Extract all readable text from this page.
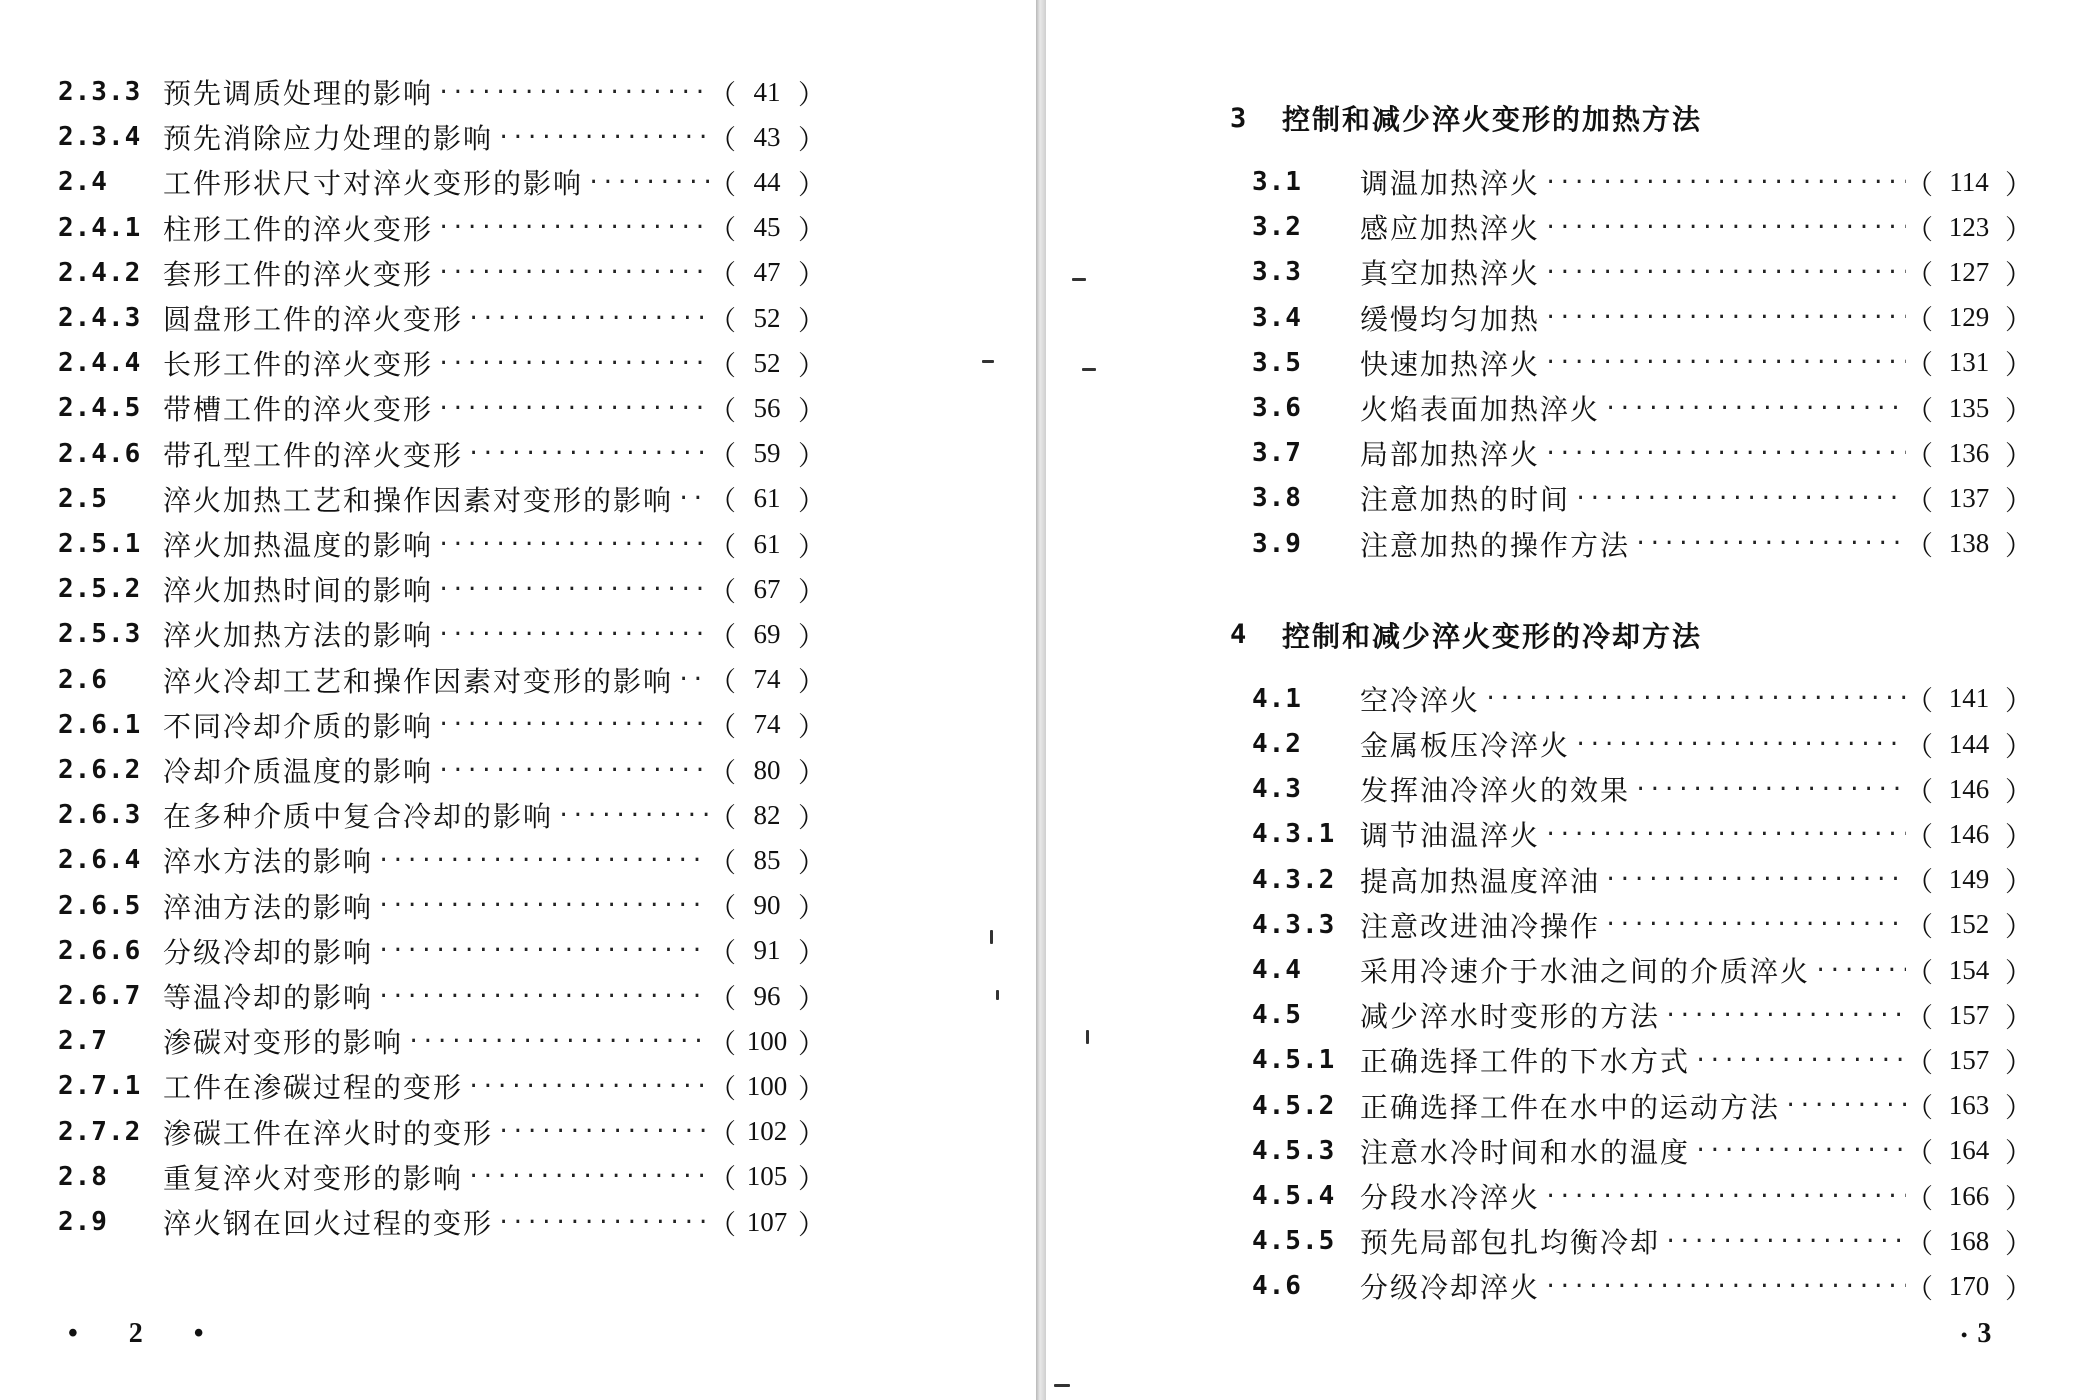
2.3.3 预先调质处理的影响 ·····	（ 41 ）
2.3.4 预先消除应力处理的影响 ·····	（ 43 ）
2.4	工件形状尺寸对淬火变形的影响 ·····	（ 44 ）
2.4.1 柱形工件的淬火变形 ·····	（ 45 ）
2.4.2 套形工件的淬火变形 ·····	（ 47 ）
2.4.3 圆盘形工件的淬火变形 ·····	（ 52 ）
2.4.4 长形工件的淬火变形 ·····	（ 52 ）
2.4.5 带槽工件的淬火变形 ·····	（ 56 ）
2.4.6 带孔型工件的淬火变形 ·····	（ 59 ）
2.5	淬火加热工艺和操作因素对变形的影响 ····· （ 61 ）
2.5.1 淬火加热温度的影响 ·····	（ 61 ）
2.5.2 淬火加热时间的影响 ·····	（ 67 ）
2.5.3 淬火加热方法的影响 ·····	（ 69 ）
2.6	淬火冷却工艺和操作因素对变形的影响 ····· （ 74 ）
2.6.1 不同冷却介质的影响 ·····	（ 74 ）
2.6.2 冷却介质温度的影响 ·····	（ 80 ）
2.6.3 在多种介质中复合冷却的影响 ·····	（ 82 ）
2.6.4 淬水方法的影响 ·····	（ 85 ）
2.6.5 淬油方法的影响 ·····	（ 90 ）
2.6.6 分级冷却的影响 ·····	（ 91 ）
2.6.7 等温冷却的影响 ·····	（ 96 ）
2.7	渗碳对变形的影响 ·····	（ 100 ）
2.7.1 工件在渗碳过程的变形 ·····	（ 100 ）
2.7.2 渗碳工件在淬火时的变形 ·····	（ 102 ）
2.8	重复淬火对变形的影响 ·····	（ 105 ）
2.9	淬火钢在回火过程的变形 ·····	（ 107 ）
• 2 •
3	控制和减少淬火变形的加热方法
3.1	调温加热淬火 ·····	（ 114 ）
3.2	感应加热淬火 ·····	（ 123 ）
3.3	真空加热淬火 ·····	（ 127 ）
3.4	缓慢均匀加热 ·····	（ 129 ）
3.5	快速加热淬火 ·····	（ 131 ）
3.6	火焰表面加热淬火 ·····	（ 135 ）
3.7	局部加热淬火 ·····	（ 136 ）
3.8	注意加热的时间 ·····	（ 137 ）
3.9	注意加热的操作方法 ·····	（ 138 ）
4	控制和减少淬火变形的冷却方法
4.1	空冷淬火 ·····	（ 141 ）
4.2	金属板压冷淬火 ·····	（ 144 ）
4.3	发挥油冷淬火的效果 ·····	（ 146 ）
4.3.1 调节油温淬火 ·····	（ 146 ）
4.3.2 提高加热温度淬油 ·····	（ 149 ）
4.3.3 注意改进油冷操作 ·····	（ 152 ）
4.4	采用冷速介于水油之间的介质淬火 ·····	（ 154 ）
4.5	减少淬水时变形的方法 ·····	（ 157 ）
4.5.1 正确选择工件的下水方式 ·····	（ 157 ）
4.5.2 正确选择工件在水中的运动方法 ·····	（ 163 ）
4.5.3 注意水冷时间和水的温度 ·····	（ 164 ）
4.5.4 分段水冷淬火 ·····	（ 166 ）
4.5.5 预先局部包扎均衡冷却 ·····	（ 168 ）
4.6	分级冷却淬火 ·····	（ 170 ）
• 3
